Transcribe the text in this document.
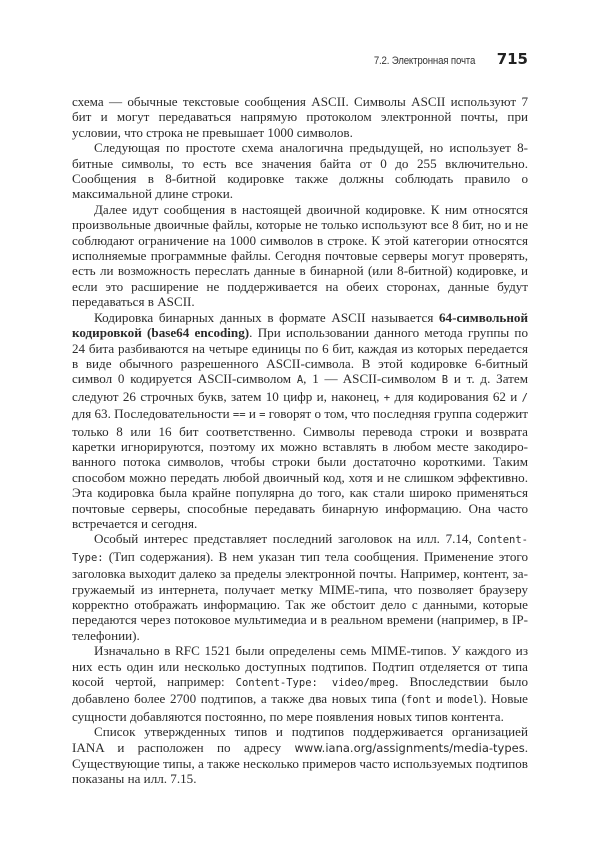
7.2. Электронная почта 715

схема — обычные текстовые сообщения ASCII. Символы ASCII используют 7 бит и могут передаваться напрямую протоколом электронной почты, при условии, что строка не превышает 1000 символов.

Следующая по простоте схема аналогична предыдущей, но использует 8-битные символы, то есть все значения байта от 0 до 255 включительно. Сообщения в 8-битной кодировке также должны соблюдать правило о максимальной длине строки.

Далее идут сообщения в настоящей двоичной кодировке. К ним относятся произвольные двоичные файлы, которые не только используют все 8 бит, но и не соблюдают ограничение на 1000 символов в строке. К этой категории относятся исполняемые программные файлы. Сегодня почтовые серверы могут проверять, есть ли возможность переслать данные в бинарной (или 8-битной) кодировке, и если это расширение не поддерживается на обеих сторонах, данные будут передаваться в ASCII.

Кодировка бинарных данных в формате ASCII называется 64-символьной кодировкой (base64 encoding). При использовании данного метода группы по 24 бита разбиваются на четыре единицы по 6 бит, каждая из которых передается в виде обычного разрешенного ASCII-символа. В этой кодировке 6-битный символ 0 кодируется ASCII-символом A, 1 — ASCII-символом B и т. д. Затем следуют 26 строчных букв, затем 10 цифр и, наконец, + для кодирования 62 и / для 63. Последовательности == и = говорят о том, что последняя группа содержит только 8 или 16 бит соответственно. Символы перевода строки и возврата каретки игнорируются, поэтому их можно вставлять в любом месте закодированного потока символов, чтобы строки были достаточно короткими. Таким способом можно передать любой двоичный код, хотя и не слишком эффективно. Эта кодировка была крайне популярна до того, как стали широко применяться почтовые серверы, способные передавать бинарную информацию. Она часто встречается и сегодня.

Особый интерес представляет последний заголовок на илл. 7.14, Content-Type: (Тип содержания). В нем указан тип тела сообщения. Применение этого заголовка выходит далеко за пределы электронной почты. Например, контент, загружаемый из интернета, получает метку MIME-типа, что позволяет браузеру корректно отображать информацию. Так же обстоит дело с данными, которые передаются через потоковое мультимедиа и в реальном времени (например, в IP-телефонии).

Изначально в RFC 1521 были определены семь MIME-типов. У каждого из них есть один или несколько доступных подтипов. Подтип отделяется от типа косой чертой, например: Content-Type: video/mpeg. Впоследствии было добавлено более 2700 подтипов, а также два новых типа (font и model). Новые сущности добавляются постоянно, по мере появления новых типов контента.

Список утвержденных типов и подтипов поддерживается организацией IANA и расположен по адресу www.iana.org/assignments/media-types. Существующие типы, а также несколько примеров часто используемых подтипов показаны на илл. 7.15.
